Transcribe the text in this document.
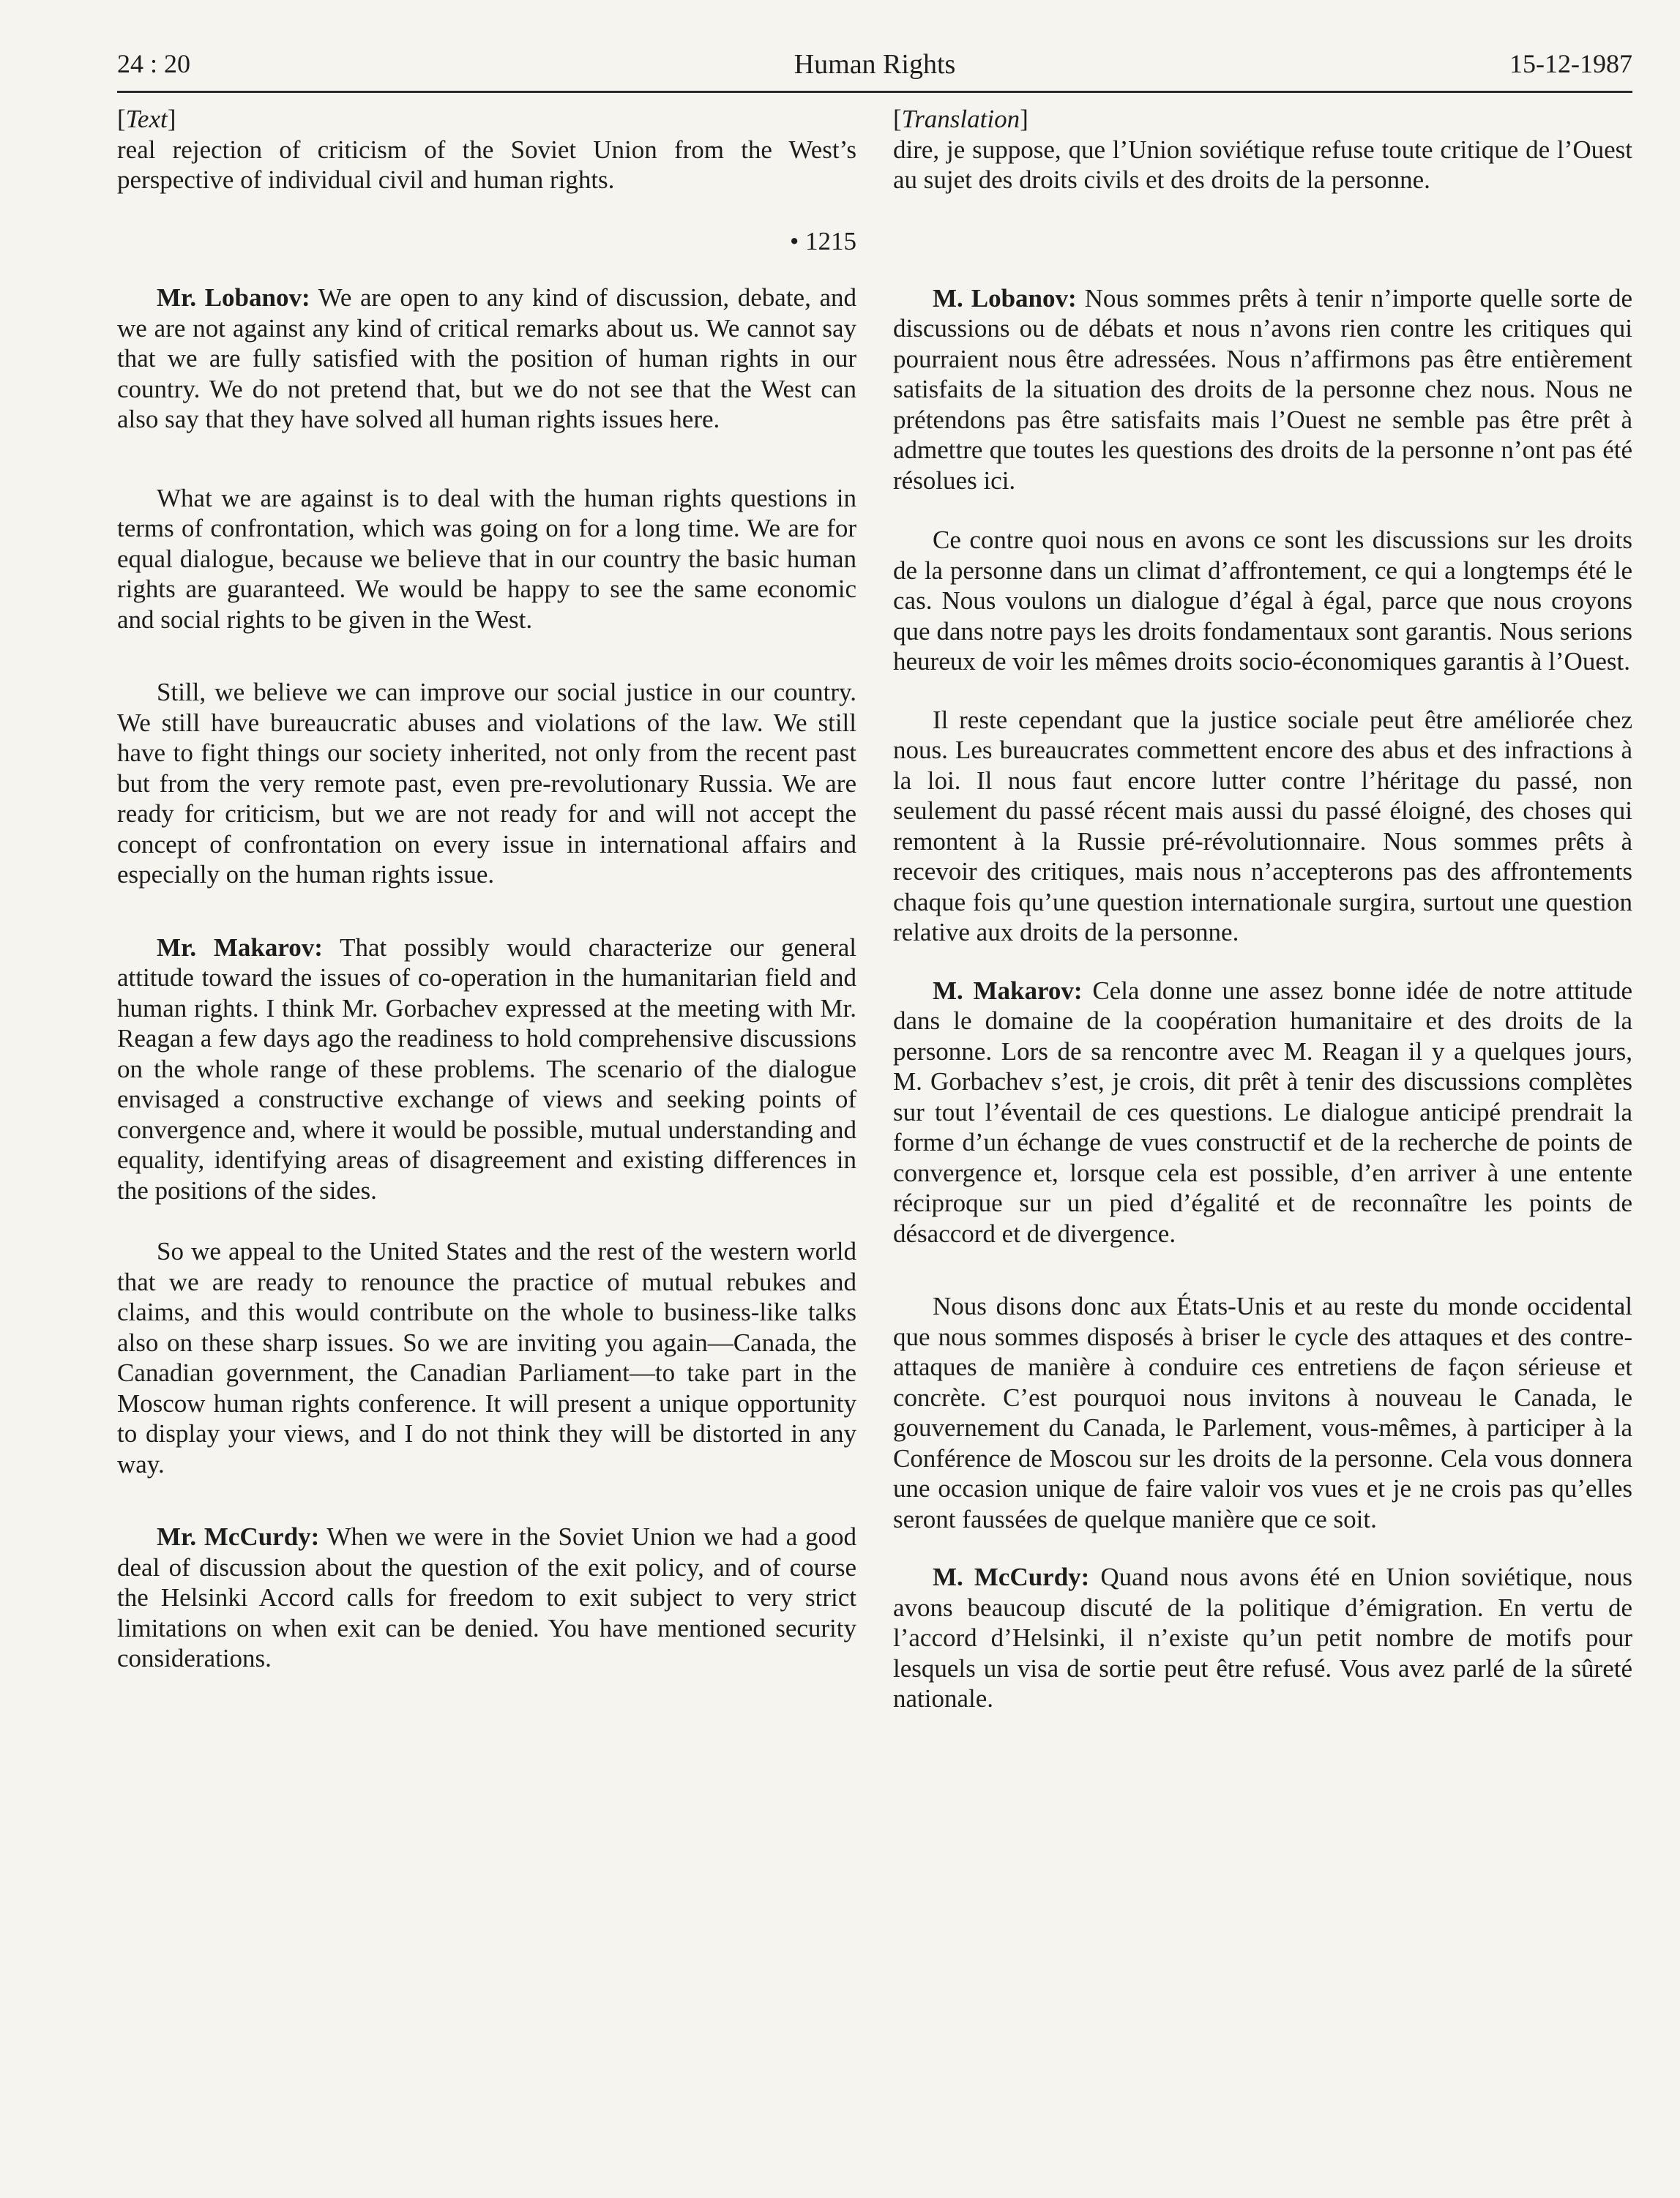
24 : 20	Human Rights	15-12-1987
[ Text ]

real rejection of criticism of the Soviet Union from the West’s perspective of individual civil and human rights.

• 1215

Mr. Lobanov: We are open to any kind of discussion, debate, and we are not against any kind of critical remarks about us. We cannot say that we are fully satisfied with the position of human rights in our country. We do not pretend that, but we do not see that the West can also say that they have solved all human rights issues here.

What we are against is to deal with the human rights questions in terms of confrontation, which was going on for a long time. We are for equal dialogue, because we believe that in our country the basic human rights are guaranteed. We would be happy to see the same economic and social rights to be given in the West.

Still, we believe we can improve our social justice in our country. We still have bureaucratic abuses and violations of the law. We still have to fight things our society inherited, not only from the recent past but from the very remote past, even pre-revolutionary Russia. We are ready for criticism, but we are not ready for and will not accept the concept of confrontation on every issue in international affairs and especially on the human rights issue.

Mr. Makarov: That possibly would characterize our general attitude toward the issues of co-operation in the humanitarian field and human rights. I think Mr. Gorbachev expressed at the meeting with Mr. Reagan a few days ago the readiness to hold comprehensive discussions on the whole range of these problems. The scenario of the dialogue envisaged a constructive exchange of views and seeking points of convergence and, where it would be possible, mutual understanding and equality, identifying areas of disagreement and existing differences in the positions of the sides.

So we appeal to the United States and the rest of the western world that we are ready to renounce the practice of mutual rebukes and claims, and this would contribute on the whole to business-like talks also on these sharp issues. So we are inviting you again—Canada, the Canadian government, the Canadian Parliament—to take part in the Moscow human rights conference. It will present a unique opportunity to display your views, and I do not think they will be distorted in any way.

Mr. McCurdy: When we were in the Soviet Union we had a good deal of discussion about the question of the exit policy, and of course the Helsinki Accord calls for freedom to exit subject to very strict limitations on when exit can be denied. You have mentioned security considerations.

[ Translation ]

dire, je suppose, que l’Union soviétique refuse toute critique de l’Ouest au sujet des droits civils et des droits de la personne.

M. Lobanov: Nous sommes prêts à tenir n’importe quelle sorte de discussions ou de débats et nous n’avons rien contre les critiques qui pourraient nous être adressées. Nous n’affirmons pas être entièrement satisfaits de la situation des droits de la personne chez nous. Nous ne prétendons pas être satisfaits mais l’Ouest ne semble pas être prêt à admettre que toutes les questions des droits de la personne n’ont pas été résolues ici.

Ce contre quoi nous en avons ce sont les discussions sur les droits de la personne dans un climat d’affrontement, ce qui a longtemps été le cas. Nous voulons un dialogue d’égal à égal, parce que nous croyons que dans notre pays les droits fondamentaux sont garantis. Nous serions heureux de voir les mêmes droits socio-économiques garantis à l’Ouest.

Il reste cependant que la justice sociale peut être améliorée chez nous. Les bureaucrates commettent encore des abus et des infractions à la loi. Il nous faut encore lutter contre l’héritage du passé, non seulement du passé récent mais aussi du passé éloigné, des choses qui remontent à la Russie pré-révolutionnaire. Nous sommes prêts à recevoir des critiques, mais nous n’accepterons pas des affrontements chaque fois qu’une question internationale surgira, surtout une question relative aux droits de la personne.

M. Makarov: Cela donne une assez bonne idée de notre attitude dans le domaine de la coopération humanitaire et des droits de la personne. Lors de sa rencontre avec M. Reagan il y a quelques jours, M. Gorbachev s’est, je crois, dit prêt à tenir des discussions complètes sur tout l’éventail de ces questions. Le dialogue anticipé prendrait la forme d’un échange de vues constructif et de la recherche de points de convergence et, lorsque cela est possible, d’en arriver à une entente réciproque sur un pied d’égalité et de reconnaître les points de désaccord et de divergence.

Nous disons donc aux États-Unis et au reste du monde occidental que nous sommes disposés à briser le cycle des attaques et des contre-attaques de manière à conduire ces entretiens de façon sérieuse et concrète. C’est pourquoi nous invitons à nouveau le Canada, le gouvernement du Canada, le Parlement, vous-mêmes, à participer à la Conférence de Moscou sur les droits de la personne. Cela vous donnera une occasion unique de faire valoir vos vues et je ne crois pas qu’elles seront faussées de quelque manière que ce soit.

M. McCurdy: Quand nous avons été en Union soviétique, nous avons beaucoup discuté de la politique d’émigration. En vertu de l’accord d’Helsinki, il n’existe qu’un petit nombre de motifs pour lesquels un visa de sortie peut être refusé. Vous avez parlé de la sûreté nationale.
